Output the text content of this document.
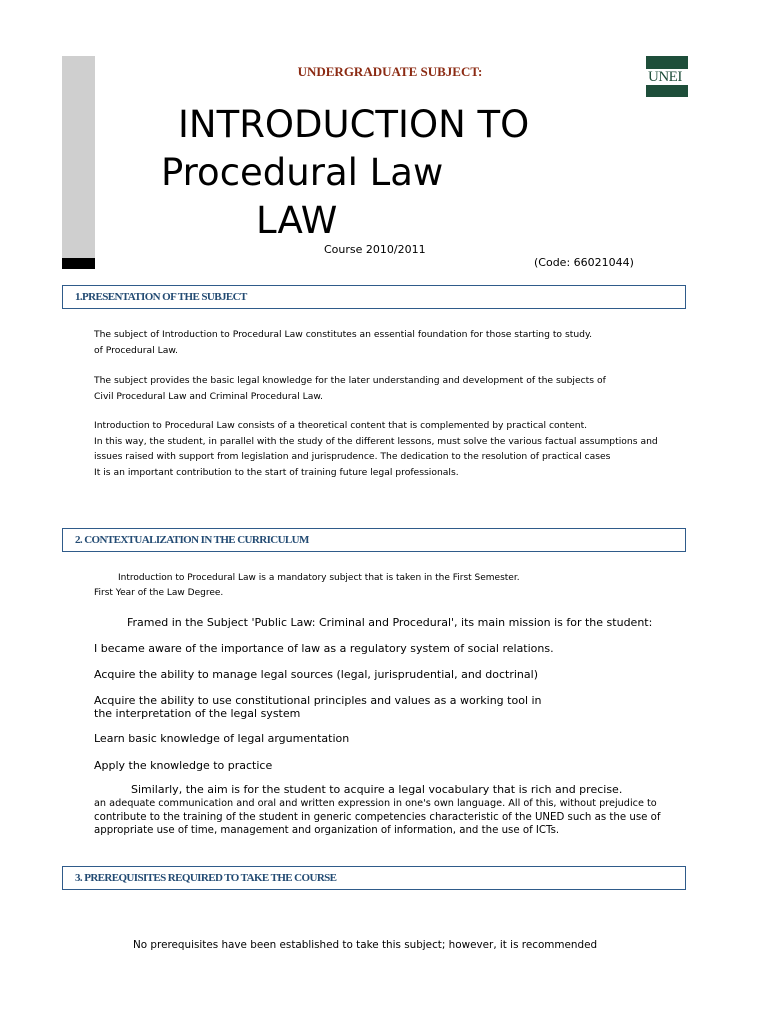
UNDERGRADUATE SUBJECT:	UNEI
INTRODUCTION TO
Procedural Law
LAW
Course 2010/2011
(Code: 66021044)
1.PRESENTATION OF THE SUBJECT
The subject of Introduction to Procedural Law constitutes an essential foundation for those starting to study.
of Procedural Law.
The subject provides the basic legal knowledge for the later understanding and development of the subjects of
Civil Procedural Law and Criminal Procedural Law.
Introduction to Procedural Law consists of a theoretical content that is complemented by practical content.
In this way, the student, in parallel with the study of the different lessons, must solve the various factual assumptions and
issues raised with support from legislation and jurisprudence. The dedication to the resolution of practical cases
It is an important contribution to the start of training future legal professionals.
2. CONTEXTUALIZATION IN THE CURRICULUM
Introduction to Procedural Law is a mandatory subject that is taken in the First Semester.
First Year of the Law Degree.
Framed in the Subject 'Public Law: Criminal and Procedural', its main mission is for the student:
I became aware of the importance of law as a regulatory system of social relations.
Acquire the ability to manage legal sources (legal, jurisprudential, and doctrinal)
Acquire the ability to use constitutional principles and values as a working tool in
the interpretation of the legal system
Learn basic knowledge of legal argumentation
Apply the knowledge to practice
Similarly, the aim is for the student to acquire a legal vocabulary that is rich and precise.
an adequate communication and oral and written expression in one's own language. All of this, without prejudice to
contribute to the training of the student in generic competencies characteristic of the UNED such as the use of
appropriate use of time, management and organization of information, and the use of ICTs.
3. PREREQUISITES REQUIRED TO TAKE THE COURSE
No prerequisites have been established to take this subject; however, it is recommended
